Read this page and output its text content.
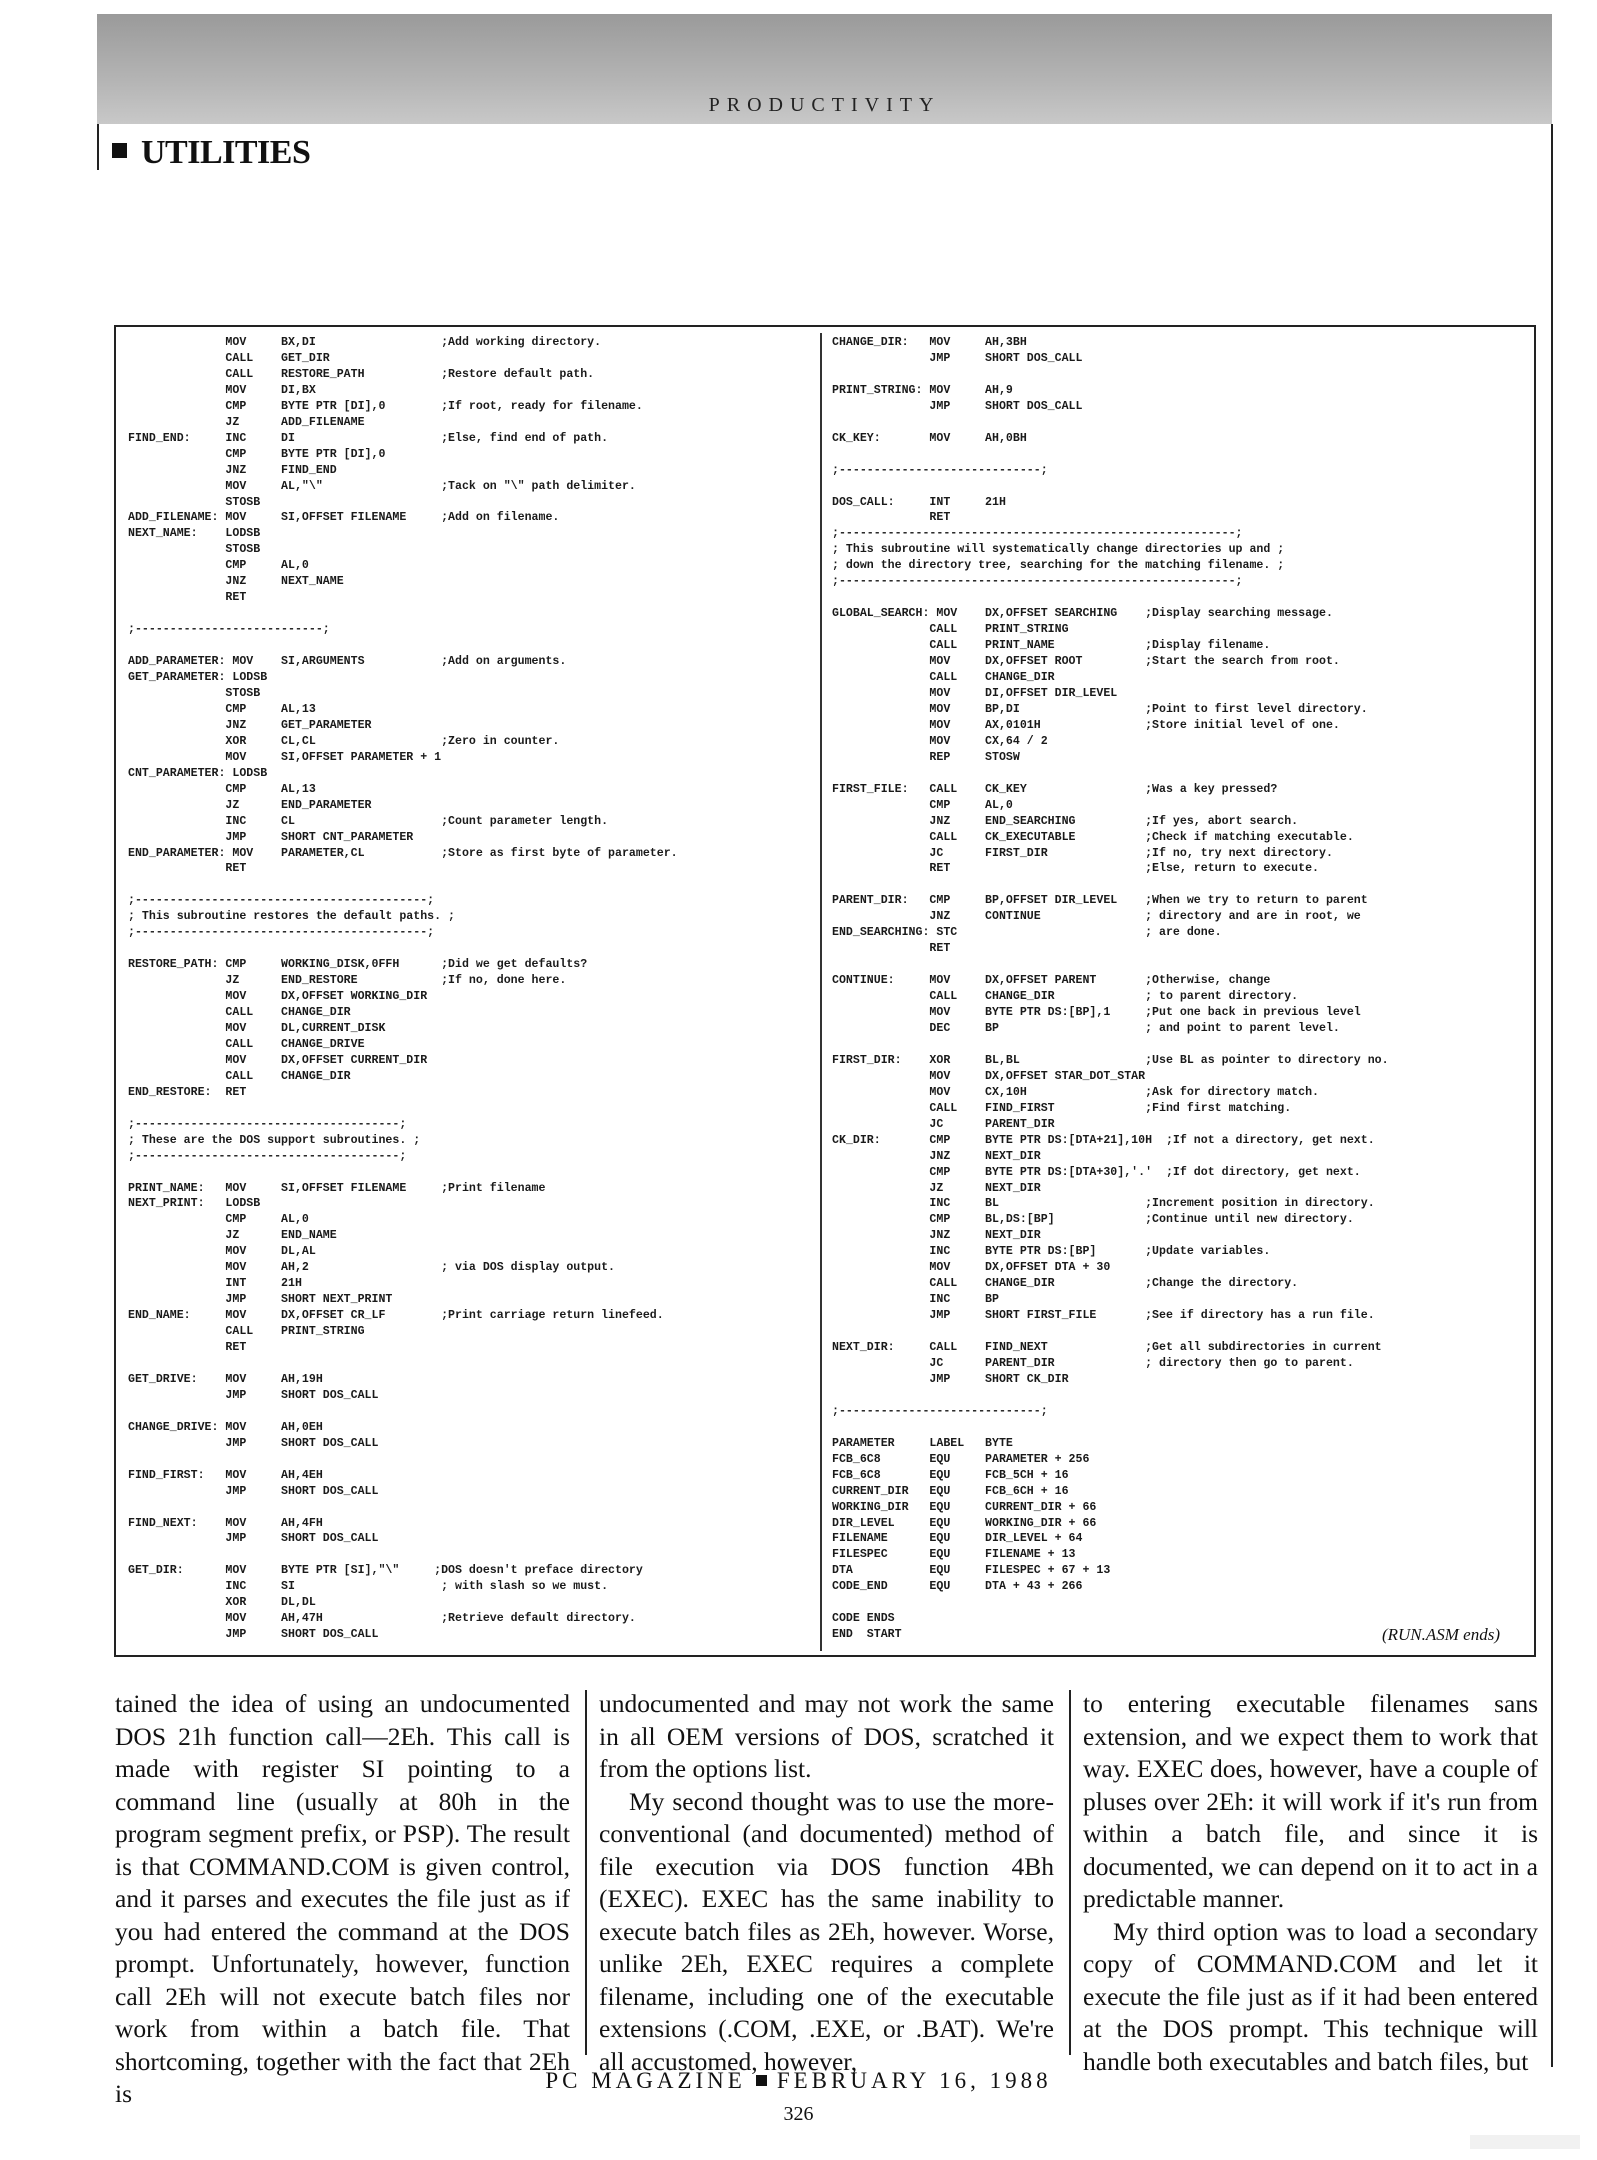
PRODUCTIVITY
UTILITIES
MOV     BX,DI                  ;Add working directory.
CALL    GET_DIR
CALL    RESTORE_PATH           ;Restore default path.
MOV     DI,BX
CMP     BYTE PTR [DI],0        ;If root, ready for filename.
JZ      ADD_FILENAME
FIND_END:     INC     DI                     ;Else, find end of path.
CMP     BYTE PTR [DI],0
JNZ     FIND_END
MOV     AL,"\"                 ;Tack on "\" path delimiter.
STOSB
ADD_FILENAME: MOV     SI,OFFSET FILENAME     ;Add on filename.
NEXT_NAME:    LODSB
STOSB
CMP     AL,0
JNZ     NEXT_NAME
RET

;---------------------------;

ADD_PARAMETER: MOV    SI,ARGUMENTS           ;Add on arguments.
GET_PARAMETER: LODSB
STOSB
CMP     AL,13
JNZ     GET_PARAMETER
XOR     CL,CL                  ;Zero in counter.
MOV     SI,OFFSET PARAMETER + 1
CNT_PARAMETER: LODSB
CMP     AL,13
JZ      END_PARAMETER
INC     CL                     ;Count parameter length.
JMP     SHORT CNT_PARAMETER
END_PARAMETER: MOV    PARAMETER,CL           ;Store as first byte of parameter.
RET

;------------------------------------------;
; This subroutine restores the default paths. ;
;------------------------------------------;

RESTORE_PATH: CMP     WORKING_DISK,0FFH      ;Did we get defaults?
JZ      END_RESTORE            ;If no, done here.
MOV     DX,OFFSET WORKING_DIR
CALL    CHANGE_DIR
MOV     DL,CURRENT_DISK
CALL    CHANGE_DRIVE
MOV     DX,OFFSET CURRENT_DIR
CALL    CHANGE_DIR
END_RESTORE:  RET

;--------------------------------------;
; These are the DOS support subroutines. ;
;--------------------------------------;

PRINT_NAME:   MOV     SI,OFFSET FILENAME     ;Print filename
NEXT_PRINT:   LODSB
CMP     AL,0
JZ      END_NAME
MOV     DL,AL
MOV     AH,2                   ; via DOS display output.
INT     21H
JMP     SHORT NEXT_PRINT
END_NAME:     MOV     DX,OFFSET CR_LF        ;Print carriage return linefeed.
CALL    PRINT_STRING
RET

GET_DRIVE:    MOV     AH,19H
JMP     SHORT DOS_CALL

CHANGE_DRIVE: MOV     AH,0EH
JMP     SHORT DOS_CALL

FIND_FIRST:   MOV     AH,4EH
JMP     SHORT DOS_CALL

FIND_NEXT:    MOV     AH,4FH
JMP     SHORT DOS_CALL

GET_DIR:      MOV     BYTE PTR [SI],"\"     ;DOS doesn't preface directory
INC     SI                     ; with slash so we must.
XOR     DL,DL
MOV     AH,47H                 ;Retrieve default directory.
JMP     SHORT DOS_CALL
CHANGE_DIR:   MOV     AH,3BH
JMP     SHORT DOS_CALL

PRINT_STRING: MOV     AH,9
JMP     SHORT DOS_CALL

CK_KEY:       MOV     AH,0BH

;-----------------------------;

DOS_CALL:     INT     21H
RET
;---------------------------------------------------------;
; This subroutine will systematically change directories up and ;
; down the directory tree, searching for the matching filename. ;
;---------------------------------------------------------;

GLOBAL_SEARCH: MOV    DX,OFFSET SEARCHING    ;Display searching message.
CALL    PRINT_STRING
CALL    PRINT_NAME             ;Display filename.
MOV     DX,OFFSET ROOT         ;Start the search from root.
CALL    CHANGE_DIR
MOV     DI,OFFSET DIR_LEVEL
MOV     BP,DI                  ;Point to first level directory.
MOV     AX,0101H               ;Store initial level of one.
MOV     CX,64 / 2
REP     STOSW

FIRST_FILE:   CALL    CK_KEY                 ;Was a key pressed?
CMP     AL,0
JNZ     END_SEARCHING          ;If yes, abort search.
CALL    CK_EXECUTABLE          ;Check if matching executable.
JC      FIRST_DIR              ;If no, try next directory.
RET                            ;Else, return to execute.

PARENT_DIR:   CMP     BP,OFFSET DIR_LEVEL    ;When we try to return to parent
JNZ     CONTINUE               ; directory and are in root, we
END_SEARCHING: STC                           ; are done.
RET

CONTINUE:     MOV     DX,OFFSET PARENT       ;Otherwise, change
CALL    CHANGE_DIR             ; to parent directory.
MOV     BYTE PTR DS:[BP],1     ;Put one back in previous level
DEC     BP                     ; and point to parent level.

FIRST_DIR:    XOR     BL,BL                  ;Use BL as pointer to directory no.
MOV     DX,OFFSET STAR_DOT_STAR
MOV     CX,10H                 ;Ask for directory match.
CALL    FIND_FIRST             ;Find first matching.
JC      PARENT_DIR
CK_DIR:       CMP     BYTE PTR DS:[DTA+21],10H  ;If not a directory, get next.
JNZ     NEXT_DIR
CMP     BYTE PTR DS:[DTA+30],'.'  ;If dot directory, get next.
JZ      NEXT_DIR
INC     BL                     ;Increment position in directory.
CMP     BL,DS:[BP]             ;Continue until new directory.
JNZ     NEXT_DIR
INC     BYTE PTR DS:[BP]       ;Update variables.
MOV     DX,OFFSET DTA + 30
CALL    CHANGE_DIR             ;Change the directory.
INC     BP
JMP     SHORT FIRST_FILE       ;See if directory has a run file.

NEXT_DIR:     CALL    FIND_NEXT              ;Get all subdirectories in current
JC      PARENT_DIR             ; directory then go to parent.
JMP     SHORT CK_DIR

;-----------------------------;

PARAMETER     LABEL   BYTE
FCB_6C8       EQU     PARAMETER + 256
FCB_6C8       EQU     FCB_5CH + 16
CURRENT_DIR   EQU     FCB_6CH + 16
WORKING_DIR   EQU     CURRENT_DIR + 66
DIR_LEVEL     EQU     WORKING_DIR + 66
FILENAME      EQU     DIR_LEVEL + 64
FILESPEC      EQU     FILENAME + 13
DTA           EQU     FILESPEC + 67 + 13
CODE_END      EQU     DTA + 43 + 266

CODE ENDS
END  START	(RUN.ASM ends)

tained the idea of using an undocumented DOS 21h function call—2Eh. This call is made with register SI pointing to a command line (usually at 80h in the program segment prefix, or PSP). The result is that COMMAND.COM is given control, and it parses and executes the file just as if you had entered the command at the DOS prompt. Unfortunately, however, function call 2Eh will not execute batch files nor work from within a batch file. That shortcoming, together with the fact that 2Eh is

undocumented and may not work the same in all OEM versions of DOS, scratched it from the options list.

My second thought was to use the more-conventional (and documented) method of file execution via DOS function 4Bh (EXEC). EXEC has the same inability to execute batch files as 2Eh, however. Worse, unlike 2Eh, EXEC requires a complete filename, including one of the executable extensions (.COM, .EXE, or .BAT). We're all accustomed, however,

to entering executable filenames sans extension, and we expect them to work that way. EXEC does, however, have a couple of pluses over 2Eh: it will work if it's run from within a batch file, and since it is documented, we can depend on it to act in a predictable manner.

My third option was to load a secondary copy of COMMAND.COM and let it execute the file just as if it had been entered at the DOS prompt. This technique will handle both executables and batch files, but

PC MAGAZINE FEBRUARY 16, 1988
326
